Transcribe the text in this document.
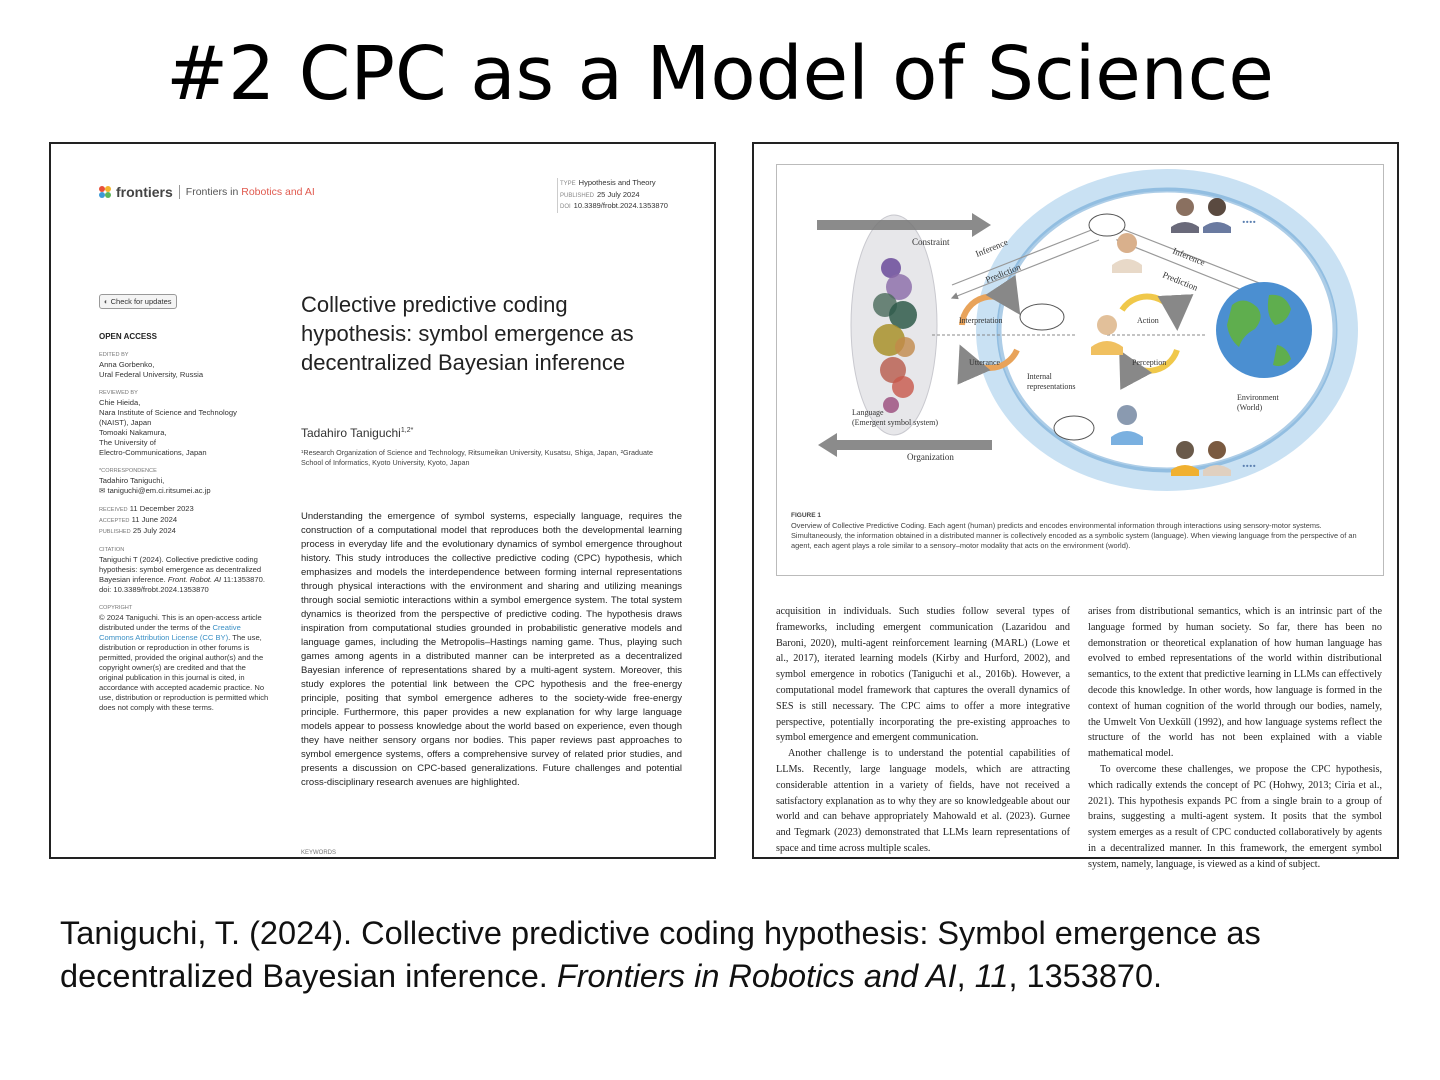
#2 CPC as a Model of Science
frontiers Frontiers in Robotics and AI
TYPE Hypothesis and Theory
PUBLISHED 25 July 2024
DOI 10.3389/frobt.2024.1353870
◐ Check for updates
OPEN ACCESS
EDITED BY
Anna Gorbenko,
Ural Federal University, Russia
REVIEWED BY
Chie Hieida,
Nara Institute of Science and Technology
(NAIST), Japan
Tomoaki Nakamura,
The University of
Electro-Communications, Japan
*CORRESPONDENCE
Tadahiro Taniguchi,
✉ taniguchi@em.ci.ritsumei.ac.jp
RECEIVED 11 December 2023
ACCEPTED 11 June 2024
PUBLISHED 25 July 2024
CITATION
Taniguchi T (2024). Collective predictive coding hypothesis: symbol emergence as decentralized Bayesian inference. Front. Robot. AI 11:1353870.
doi: 10.3389/frobt.2024.1353870
COPYRIGHT
© 2024 Taniguchi. This is an open-access article distributed under the terms of the Creative Commons Attribution License (CC BY). The use, distribution or reproduction in other forums is permitted, provided the original author(s) and the copyright owner(s) are credited and that the original publication in this journal is cited, in accordance with accepted academic practice. No use, distribution or reproduction is permitted which does not comply with these terms.
Collective predictive coding hypothesis: symbol emergence as decentralized Bayesian inference
Tadahiro Taniguchi$^{1,2*}$
¹Research Organization of Science and Technology, Ritsumeikan University, Kusatsu, Shiga, Japan, ²Graduate School of Informatics, Kyoto University, Kyoto, Japan
Understanding the emergence of symbol systems, especially language, requires the construction of a computational model that reproduces both the developmental learning process in everyday life and the evolutionary dynamics of symbol emergence throughout history. This study introduces the collective predictive coding (CPC) hypothesis, which emphasizes and models the interdependence between forming internal representations through physical interactions with the environment and sharing and utilizing meanings through social semiotic interactions within a symbol emergence system. The total system dynamics is theorized from the perspective of predictive coding. The hypothesis draws inspiration from computational studies grounded in probabilistic generative models and language games, including the Metropolis–Hastings naming game. Thus, playing such games among agents in a distributed manner can be interpreted as a decentralized Bayesian inference of representations shared by a multi-agent system. Moreover, this study explores the potential link between the CPC hypothesis and the free-energy principle, positing that symbol emergence adheres to the society-wide free-energy principle. Furthermore, this paper provides a new explanation for why large language models appear to possess knowledge about the world based on experience, even though they have neither sensory organs nor bodies. This paper reviews past approaches to symbol emergence systems, offers a comprehensive survey of related prior studies, and presents a discussion on CPC-based generalizations. Future challenges and potential cross-disciplinary research avenues are highlighted.
KEYWORDS
Constraint
Organization
Inference
Prediction
Inference
Prediction
Interpretation
Utterance
Action
Perception
Internal representations
Language (Emergent symbol system)
Environment (World)
....
....
FIGURE 1
Overview of Collective Predictive Coding. Each agent (human) predicts and encodes environmental information through interactions using sensory-motor systems. Simultaneously, the information obtained in a distributed manner is collectively encoded as a symbolic system (language). When viewing language from the perspective of an agent, each agent plays a role similar to a sensory–motor modality that acts on the environment (world).

acquisition in individuals. Such studies follow several types of frameworks, including emergent communication (Lazaridou and Baroni, 2020), multi-agent reinforcement learning (MARL) (Lowe et al., 2017), iterated learning models (Kirby and Hurford, 2002), and symbol emergence in robotics (Taniguchi et al., 2016b). However, a computational model framework that captures the overall dynamics of SES is still necessary. The CPC aims to offer a more integrative perspective, potentially incorporating the pre-existing approaches to symbol emergence and emergent communication.

Another challenge is to understand the potential capabilities of LLMs. Recently, large language models, which are attracting considerable attention in a variety of fields, have not received a satisfactory explanation as to why they are so knowledgeable about our world and can behave appropriately Mahowald et al. (2023). Gurnee and Tegmark (2023) demonstrated that LLMs learn representations of space and time across multiple scales.

arises from distributional semantics, which is an intrinsic part of the language formed by human society. So far, there has been no demonstration or theoretical explanation of how human language has evolved to embed representations of the world within distributional semantics, to the extent that predictive learning in LLMs can effectively decode this knowledge. In other words, how language is formed in the context of human cognition of the world through our bodies, namely, the Umwelt Von Uexküll (1992), and how language systems reflect the structure of the world has not been explained with a viable mathematical model.

To overcome these challenges, we propose the CPC hypothesis, which radically extends the concept of PC (Hohwy, 2013; Ciria et al., 2021). This hypothesis expands PC from a single brain to a group of brains, suggesting a multi-agent system. It posits that the symbol system emerges as a result of CPC conducted collaboratively by agents in a decentralized manner. In this framework, the emergent symbol system, namely, language, is viewed as a kind of subject.

Taniguchi, T. (2024). Collective predictive coding hypothesis: Symbol emergence as decentralized Bayesian inference. Frontiers in Robotics and AI, 11, 1353870.
